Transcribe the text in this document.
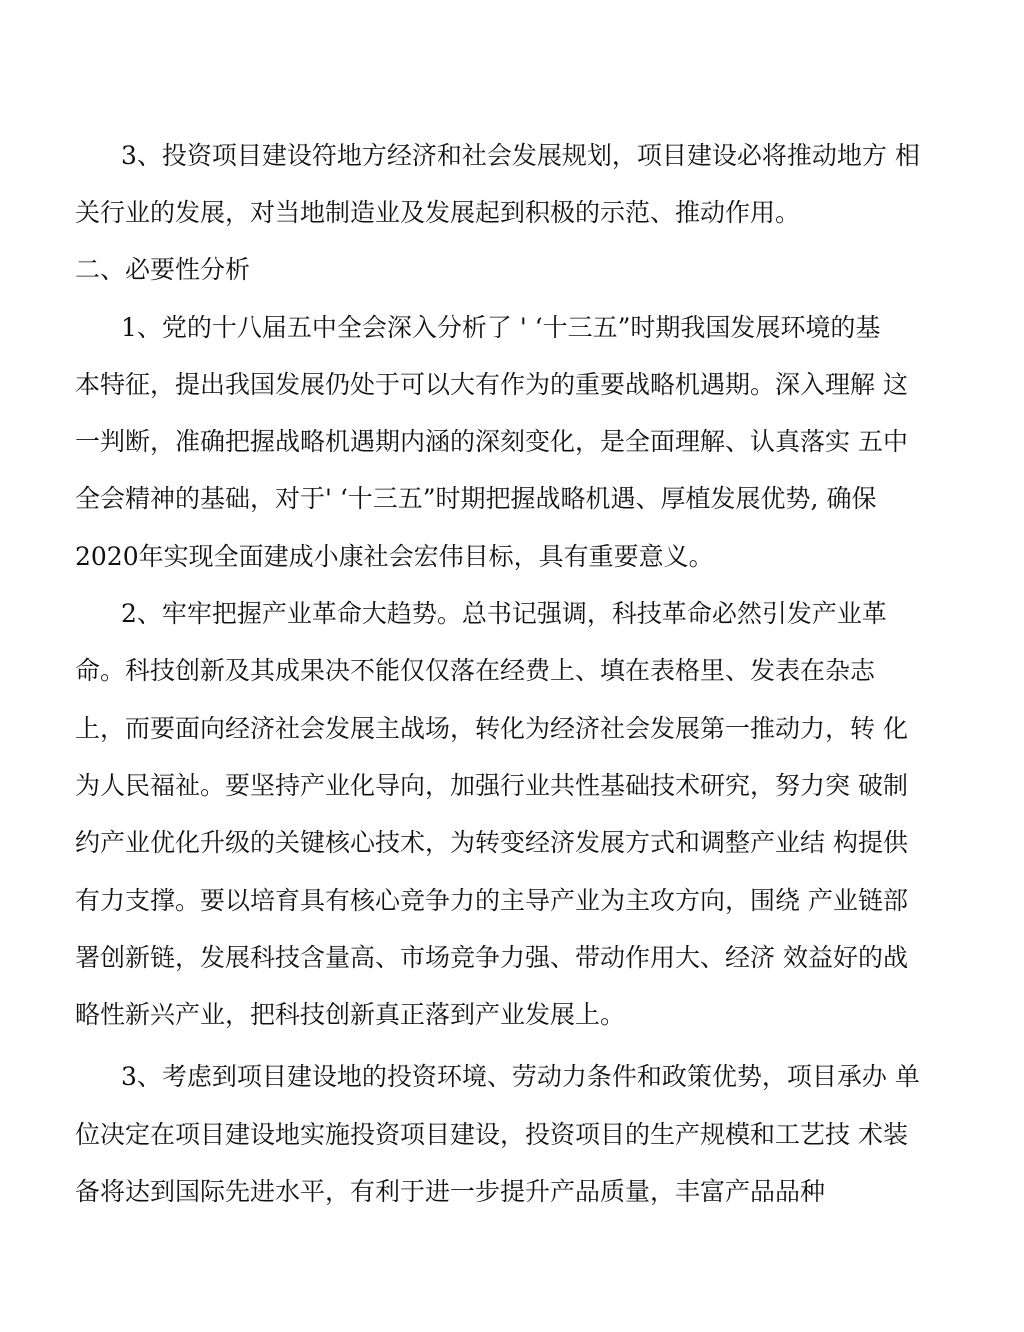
3、投资项目建设符地方经济和社会发展规划，项目建设必将推动地方 相
关行业的发展，对当地制造业及发展起到积极的示范、推动作用。
二、必要性分析
1、党的十八届五中全会深入分析了 ' ‘十三五”时期我国发展环境的基
本特征，提出我国发展仍处于可以大有作为的重要战略机遇期。深入理解 这
一判断，准确把握战略机遇期内涵的深刻变化，是全面理解、认真落实 五中
全会精神的基础，对于' ‘十三五”时期把握战略机遇、厚植发展优势, 确保
2020年实现全面建成小康社会宏伟目标，具有重要意义。
2、牢牢把握产业革命大趋势。总书记强调，科技革命必然引发产业革
命。科技创新及其成果决不能仅仅落在经费上、填在表格里、发表在杂志
上，而要面向经济社会发展主战场，转化为经济社会发展第一推动力，转 化
为人民福祉。要坚持产业化导向，加强行业共性基础技术研究，努力突 破制
约产业优化升级的关键核心技术，为转变经济发展方式和调整产业结 构提供
有力支撑。要以培育具有核心竞争力的主导产业为主攻方向，围绕 产业链部
署创新链，发展科技含量高、市场竞争力强、带动作用大、经济 效益好的战
略性新兴产业，把科技创新真正落到产业发展上。
3、考虑到项目建设地的投资环境、劳动力条件和政策优势，项目承办 单
位决定在项目建设地实施投资项目建设，投资项目的生产规模和工艺技 术装
备将达到国际先进水平，有利于进一步提升产品质量，丰富产品品种
